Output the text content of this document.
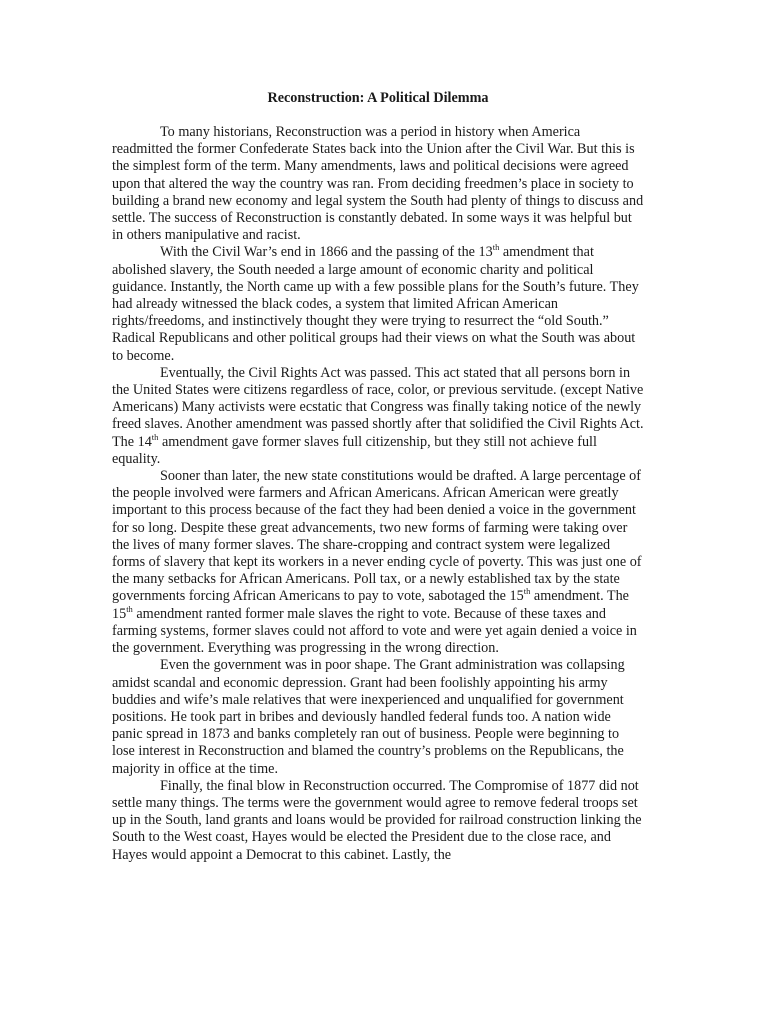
Reconstruction: A Political Dilemma

To many historians, Reconstruction was a period in history when America readmitted the former Confederate States back into the Union after the Civil War. But this is the simplest form of the term. Many amendments, laws and political decisions were agreed upon that altered the way the country was ran. From deciding freedmen’s place in society to building a brand new economy and legal system the South had plenty of things to discuss and settle. The success of Reconstruction is constantly debated. In some ways it was helpful but in others manipulative and racist.

With the Civil War’s end in 1866 and the passing of the 13th amendment that abolished slavery, the South needed a large amount of economic charity and political guidance. Instantly, the North came up with a few possible plans for the South’s future. They had already witnessed the black codes, a system that limited African American rights/freedoms, and instinctively thought they were trying to resurrect the “old South.” Radical Republicans and other political groups had their views on what the South was about to become.

Eventually, the Civil Rights Act was passed. This act stated that all persons born in the United States were citizens regardless of race, color, or previous servitude. (except Native Americans) Many activists were ecstatic that Congress was finally taking notice of the newly freed slaves. Another amendment was passed shortly after that solidified the Civil Rights Act. The 14th amendment gave former slaves full citizenship, but they still not achieve full equality.

Sooner than later, the new state constitutions would be drafted. A large percentage of the people involved were farmers and African Americans. African American were greatly important to this process because of the fact they had been denied a voice in the government for so long. Despite these great advancements, two new forms of farming were taking over the lives of many former slaves. The share-cropping and contract system were legalized forms of slavery that kept its workers in a never ending cycle of poverty. This was just one of the many setbacks for African Americans. Poll tax, or a newly established tax by the state governments forcing African Americans to pay to vote, sabotaged the 15th amendment. The 15th amendment ranted former male slaves the right to vote. Because of these taxes and farming systems, former slaves could not afford to vote and were yet again denied a voice in the government. Everything was progressing in the wrong direction.

Even the government was in poor shape. The Grant administration was collapsing amidst scandal and economic depression. Grant had been foolishly appointing his army buddies and wife’s male relatives that were inexperienced and unqualified for government positions. He took part in bribes and deviously handled federal funds too. A nation wide panic spread in 1873 and banks completely ran out of business. People were beginning to lose interest in Reconstruction and blamed the country’s problems on the Republicans, the majority in office at the time.

Finally, the final blow in Reconstruction occurred. The Compromise of 1877 did not settle many things. The terms were the government would agree to remove federal troops set up in the South, land grants and loans would be provided for railroad construction linking the South to the West coast, Hayes would be elected the President due to the close race, and Hayes would appoint a Democrat to this cabinet. Lastly, the
